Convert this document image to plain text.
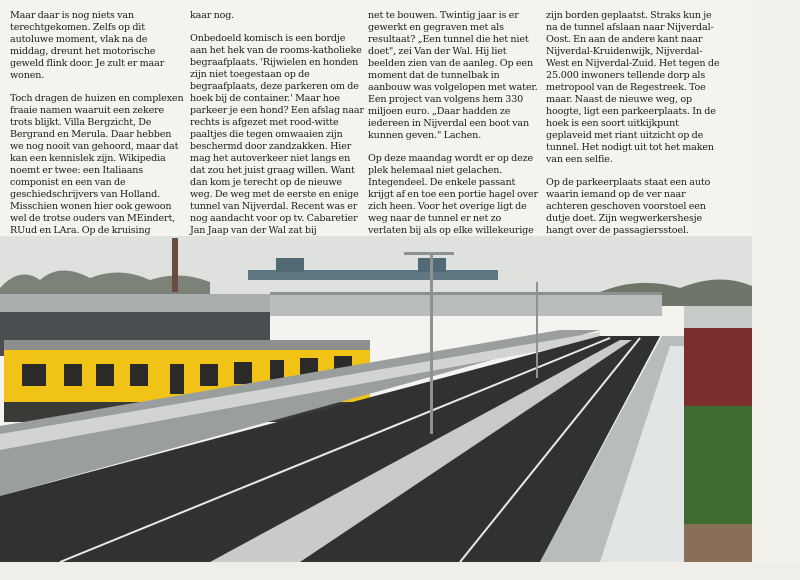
Maar daar is nog niets van terechtgekomen. Zelfs op dit autoluwe moment, vlak na de middag, dreunt het motorische geweld flink door. Je zult er maar wonen.

Toch dragen de huizen en complexen fraaie namen waaruit een zekere trots blijkt. Villa Bergzicht, De Bergrand en Merula. Daar hebben we nog nooit van gehoord, maar dat kan een kennislek zijn. Wikipedia noemt er twee: een Italiaans componist en een van de geschiedschrijvers van Holland. Misschien wonen hier ook gewoon wel de trotse ouders van MEindert, RUud en LAra. Op de kruising

kaar nog.

Onbedoeld komisch is een bordje aan het hek van de rooms-katholieke begraafplaats. 'Rijwielen en honden zijn niet toegestaan op de begraafplaats, deze parkeren om de hoek bij de container.' Maar hoe parkeer je een hond? Een afslag naar rechts is afgezet met rood-witte paaltjes die tegen omwaaien zijn beschermd door zandzakken. Hier mag het autoverkeer niet langs en dat zou het juist graag willen. Want dan kom je terecht op de nieuwe weg. De weg met de eerste en enige tunnel van Nijverdal. Recent was er nog aandacht voor op tv. Cabaretier Jan Jaap van der Wal zat bij

net te bouwen. Twintig jaar is er gewerkt en gegraven met als resultaat? „Een tunnel die het niet doet", zei Van der Wal. Hij liet beelden zien van de aanleg. Op een moment dat de tunnelbak in aanbouw was volgelopen met water. Een project van volgens hem 330 miljoen euro. „Daar hadden ze iedereen in Nijverdal een boot van kunnen geven." Lachen.

Op deze maandag wordt er op deze plek helemaal niet gelachen. Integendeel. De enkele passant krijgt af en toe een portie hagel over zich heen. Voor het overige ligt de weg naar de tunnel er net zo verlaten bij als op elke willekeurige

zijn borden geplaatst. Straks kun je na de tunnel afslaan naar Nijverdal-Oost. En aan de andere kant naar Nijverdal-Kruidenwijk, Nijverdal-West en Nijverdal-Zuid. Het tegen de 25.000 inwoners tellende dorp als metropool van de Regestreek. Toe maar. Naast de nieuwe weg, op hoogte, ligt een parkeerplaats. In de hoek is een soort uitkijkpunt geplaveid met riant uitzicht op de tunnel. Het nodigt uit tot het maken van een selfie.

Op de parkeerplaats staat een auto waarin iemand op de ver naar achteren geschoven voorstoel een dutje doet. Zijn wegwerkershesje hangt over de passagiersstoel.
